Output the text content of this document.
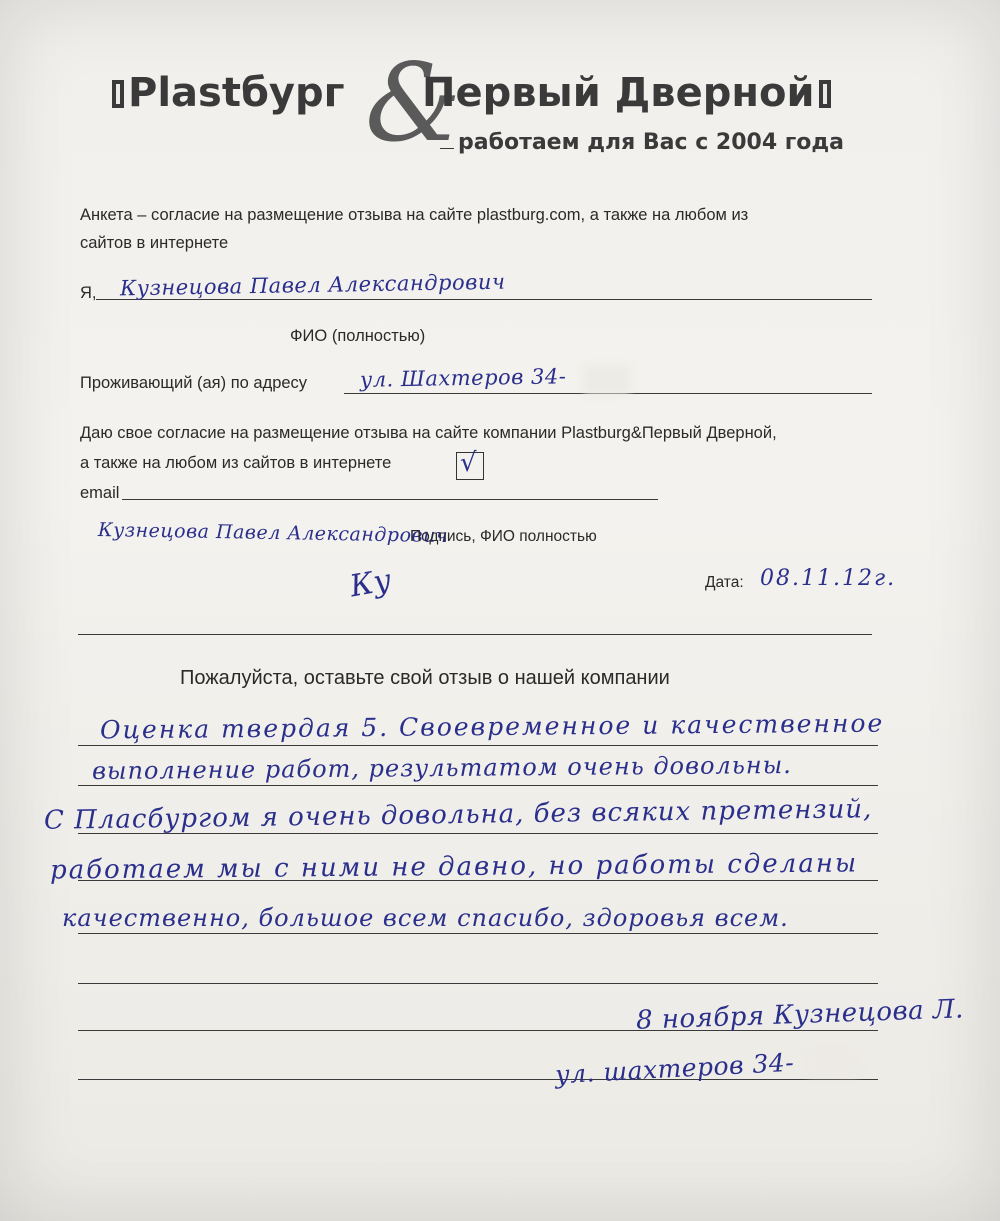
Plastбург &
Первый Дверной
работаем для Вас с 2004 года
Анкета – согласие на размещение отзыва на сайте plastburg.com, а также на любом из
сайтов в интернете
Я, Кузнецова Павел Александрович
ФИО (полностью)
Проживающий (ая) по адресу	ул. Шахтеров 34-
Даю свое согласие на размещение отзыва на сайте компании Plastburg&Первый Дверной,
а также на любом из сайтов в интернете	√
email
Кузнецова Павел Александрович
Подпись, ФИО полностью
Ку	Дата: 08.11.12г.
Пожалуйста, оставьте свой отзыв о нашей компании
Оценка твердая 5. Своевременное и качественное
выполнение работ, результатом очень довольны.
С Пласбургом я очень довольна, без всяких претензий,
работаем мы с ними не давно, но работы сделаны
качественно, большое всем спасибо, здоровья всем.
8 ноября Кузнецова Л.
ул. шахтеров 34-
